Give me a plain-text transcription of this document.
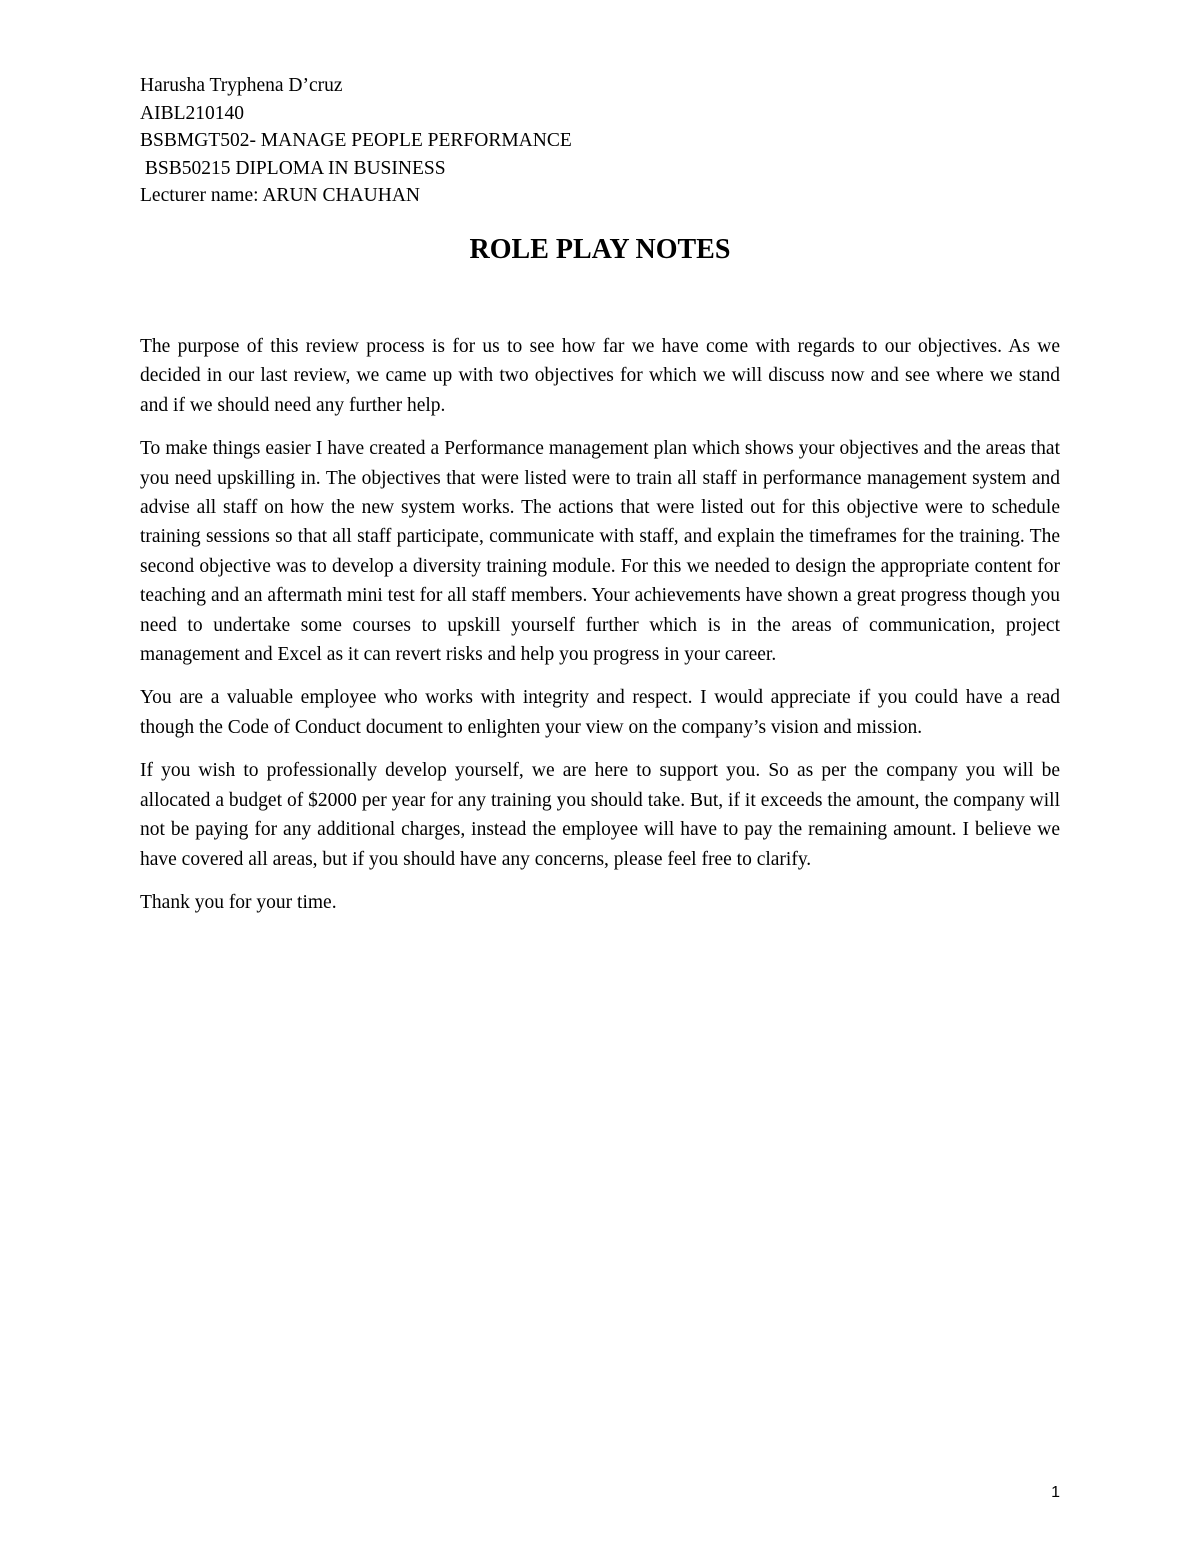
Harusha Tryphena D’cruz
AIBL210140
BSBMGT502- MANAGE PEOPLE PERFORMANCE
BSB50215 DIPLOMA IN BUSINESS
Lecturer name: ARUN CHAUHAN
ROLE PLAY NOTES

The purpose of this review process is for us to see how far we have come with regards to our objectives. As we decided in our last review, we came up with two objectives for which we will discuss now and see where we stand and if we should need any further help.

To make things easier I have created a Performance management plan which shows your objectives and the areas that you need upskilling in. The objectives that were listed were to train all staff in performance management system and advise all staff on how the new system works. The actions that were listed out for this objective were to schedule training sessions so that all staff participate, communicate with staff, and explain the timeframes for the training. The second objective was to develop a diversity training module. For this we needed to design the appropriate content for teaching and an aftermath mini test for all staff members. Your achievements have shown a great progress though you need to undertake some courses to upskill yourself further which is in the areas of communication, project management and Excel as it can revert risks and help you progress in your career.

You are a valuable employee who works with integrity and respect. I would appreciate if you could have a read though the Code of Conduct document to enlighten your view on the company’s vision and mission.

If you wish to professionally develop yourself, we are here to support you. So as per the company you will be allocated a budget of $2000 per year for any training you should take. But, if it exceeds the amount, the company will not be paying for any additional charges, instead the employee will have to pay the remaining amount. I believe we have covered all areas, but if you should have any concerns, please feel free to clarify.

Thank you for your time.

1
